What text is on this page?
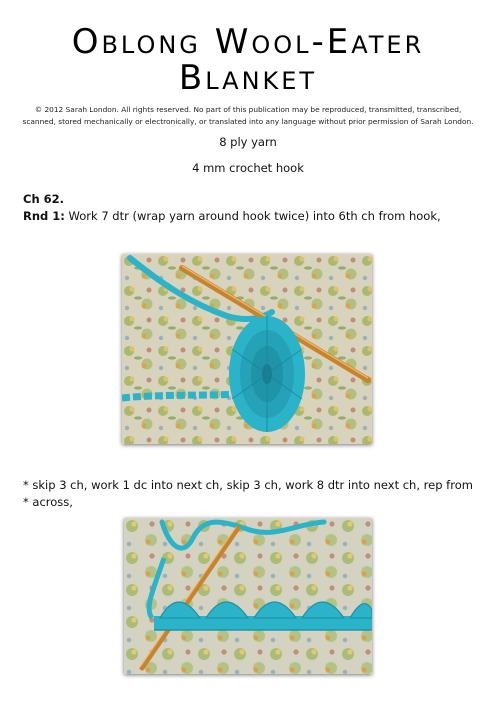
Oblong Wool-Eater
Blanket
© 2012 Sarah London. All rights reserved. No part of this publication may be reproduced, transmitted, transcribed, scanned, stored mechanically or electronically, or translated into any language without prior permission of Sarah London.
8 ply yarn
4 mm crochet hook
Ch 62.
Rnd 1: Work 7 dtr (wrap yarn around hook twice) into 6th ch from hook,
* skip 3 ch, work 1 dc into next ch, skip 3 ch, work 8 dtr into next ch, rep from * across,
